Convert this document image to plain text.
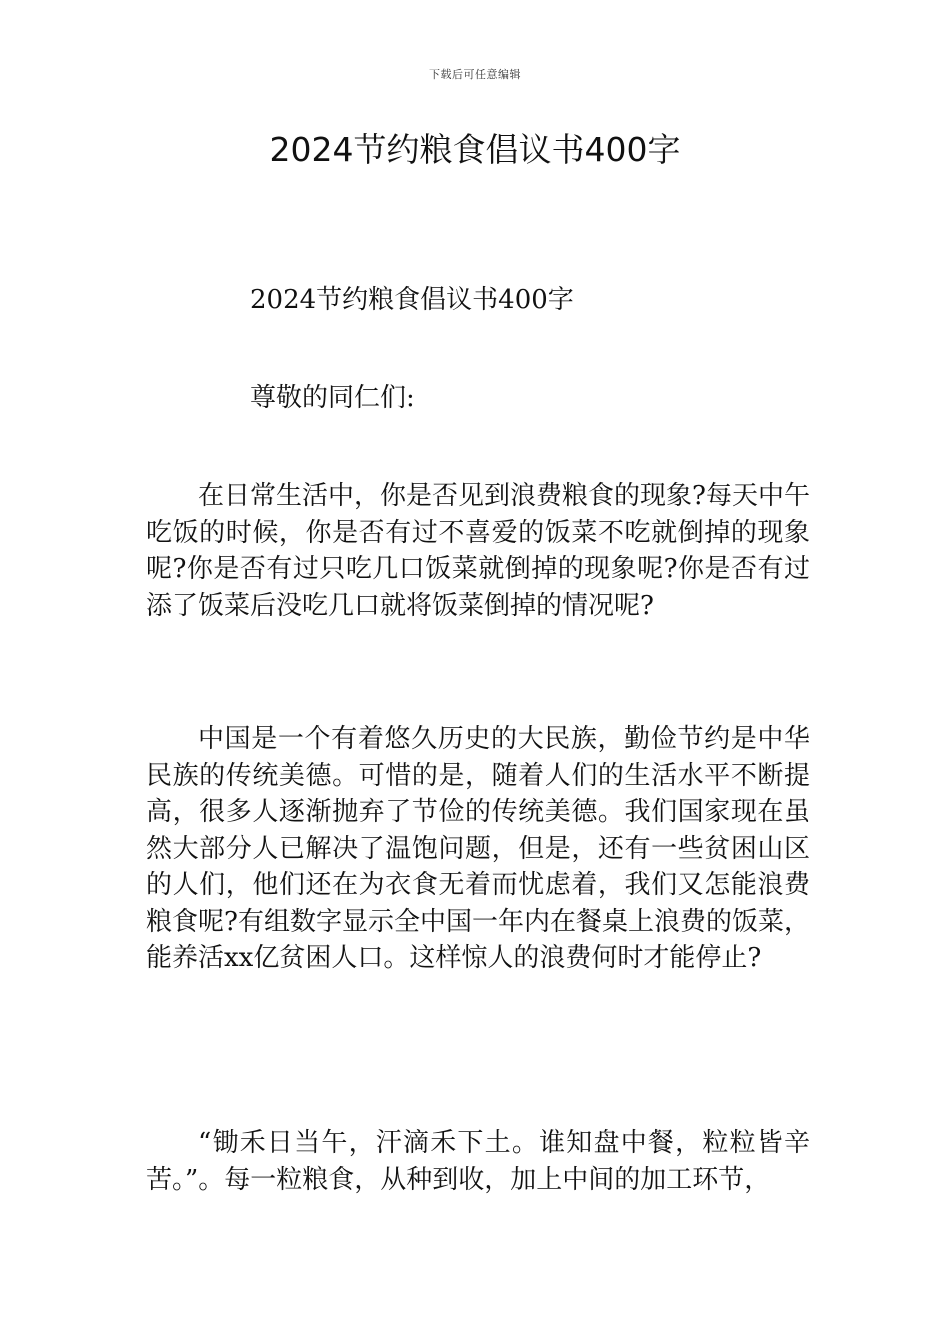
下载后可任意编辑
2024节约粮食倡议书400字
2024节约粮食倡议书400字
尊敬的同仁们:
在日常生活中，你是否见到浪费粮食的现象?每天中午
吃饭的时候，你是否有过不喜爱的饭菜不吃就倒掉的现象
呢?你是否有过只吃几口饭菜就倒掉的现象呢?你是否有过
添了饭菜后没吃几口就将饭菜倒掉的情况呢?
中国是一个有着悠久历史的大民族，勤俭节约是中华
民族的传统美德。可惜的是，随着人们的生活水平不断提
高，很多人逐渐抛弃了节俭的传统美德。我们国家现在虽
然大部分人已解决了温饱问题，但是，还有一些贫困山区
的人们，他们还在为衣食无着而忧虑着，我们又怎能浪费
粮食呢?有组数字显示全中国一年内在餐桌上浪费的饭菜，
能养活xx亿贫困人口。这样惊人的浪费何时才能停止?
“锄禾日当午，汗滴禾下土。谁知盘中餐，粒粒皆辛
苦。”。每一粒粮食，从种到收，加上中间的加工环节，
